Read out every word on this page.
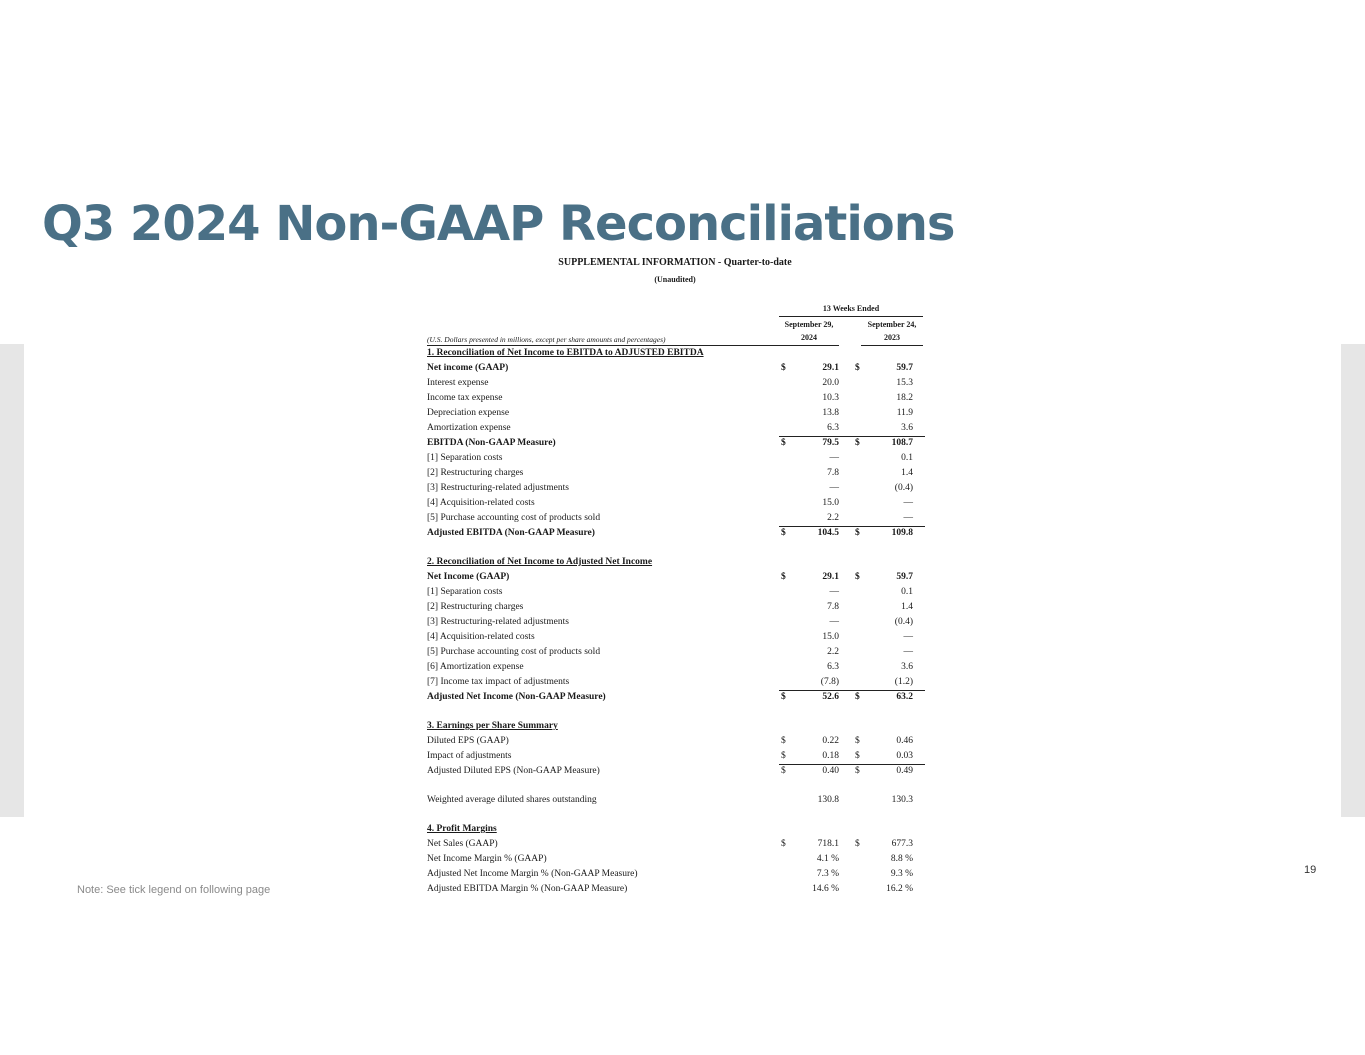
Q3 2024 Non-GAAP Reconciliations
SUPPLEMENTAL INFORMATION - Quarter-to-date
(Unaudited)
13 Weeks Ended
September 29,
2024
September 24,
2023
(U.S. Dollars presented in millions, except per share amounts and percentages)
1. Reconciliation of Net Income to EBITDA to ADJUSTED EBITDA
Net income (GAAP)	$	29.1 $	59.7
Interest expense	20.0	15.3
Income tax expense	10.3	18.2
Depreciation expense	13.8	11.9
Amortization expense	6.3	3.6
EBITDA (Non-GAAP Measure)	$	79.5 $	108.7
[1] Separation costs	—	0.1
[2] Restructuring charges	7.8	1.4
[3] Restructuring-related adjustments	—	(0.4)
[4] Acquisition-related costs	15.0	—
[5] Purchase accounting cost of products sold	2.2	—
Adjusted EBITDA (Non-GAAP Measure)	$	104.5 $	109.8
2. Reconciliation of Net Income to Adjusted Net Income
Net Income (GAAP)	$	29.1 $	59.7
[1] Separation costs	—	0.1
[2] Restructuring charges	7.8	1.4
[3] Restructuring-related adjustments	—	(0.4)
[4] Acquisition-related costs	15.0	—
[5] Purchase accounting cost of products sold	2.2	—
[6] Amortization expense	6.3	3.6
[7] Income tax impact of adjustments	(7.8)	(1.2)
Adjusted Net Income (Non-GAAP Measure)	$	52.6 $	63.2
3. Earnings per Share Summary
Diluted EPS (GAAP)	$	0.22 $	0.46
Impact of adjustments	$	0.18 $	0.03
Adjusted Diluted EPS (Non-GAAP Measure)	$	0.40 $	0.49
Weighted average diluted shares outstanding	130.8	130.3
4. Profit Margins
Net Sales (GAAP)	$	718.1 $	677.3
Net Income Margin % (GAAP)	4.1 %	8.8 %
Adjusted Net Income Margin % (Non-GAAP Measure)	7.3 %	9.3 %
Adjusted EBITDA Margin % (Non-GAAP Measure)	14.6 %	16.2 %
Note: See tick legend on following page
19
